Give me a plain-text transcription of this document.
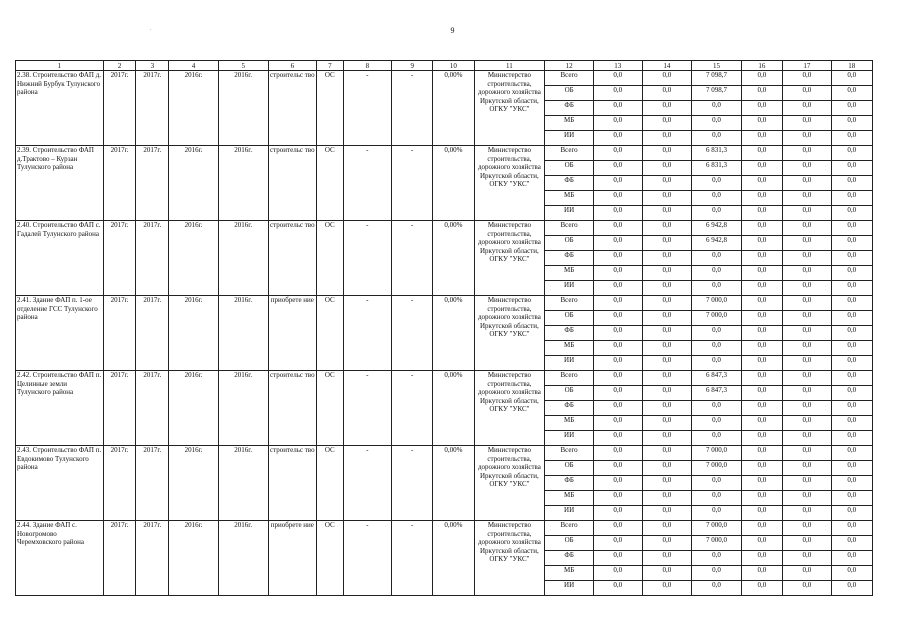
9
.
1	2	3	4	5	6	7	8	9	10	11	12	13	14	15	16	17	18
2.38. Строительство ФАП д. Нижний Бурбук Тулунского района	2017г.	2017г.	2016г.	2016г.	строительс тво	ОС	-	-	0,00%	Министерство строительства, дорожного хозяйства Иркутской области, ОГКУ "УКС"	Всего	0,0	0,0	7 098,7	0,0	0,0	0,0
											ОБ	0,0	0,0	7 098,7	0,0	0,0	0,0
											ФБ	0,0	0,0	0,0	0,0	0,0	0,0
											МБ	0,0	0,0	0,0	0,0	0,0	0,0
											ИИ	0,0	0,0	0,0	0,0	0,0	0,0
2.39. Строительство ФАП д.Трактово – Курзан Тулунского района	2017г.	2017г.	2016г.	2016г.	строительс тво	ОС	-	-	0,00%	Министерство строительства, дорожного хозяйства Иркутской области, ОГКУ "УКС"	Всего	0,0	0,0	6 831,3	0,0	0,0	0,0
											ОБ	0,0	0,0	6 831,3	0,0	0,0	0,0
											ФБ	0,0	0,0	0,0	0,0	0,0	0,0
											МБ	0,0	0,0	0,0	0,0	0,0	0,0
											ИИ	0,0	0,0	0,0	0,0	0,0	0,0
2.40. Строительство ФАП с. Гадалей Тулунского района	2017г.	2017г.	2016г.	2016г.	строительс тво	ОС	-	-	0,00%	Министерство строительства, дорожного хозяйства Иркутской области, ОГКУ "УКС"	Всего	0,0	0,0	6 942,8	0,0	0,0	0,0
											ОБ	0,0	0,0	6 942,8	0,0	0,0	0,0
											ФБ	0,0	0,0	0,0	0,0	0,0	0,0
											МБ	0,0	0,0	0,0	0,0	0,0	0,0
											ИИ	0,0	0,0	0,0	0,0	0,0	0,0
2.41. Здание ФАП п. 1-ое отделение ГСС Тулунского района	2017г.	2017г.	2016г.	2016г.	приобрете ние	ОС	-	-	0,00%	Министерство строительства, дорожного хозяйства Иркутской области, ОГКУ "УКС"	Всего	0,0	0,0	7 000,0	0,0	0,0	0,0
											ОБ	0,0	0,0	7 000,0	0,0	0,0	0,0
											ФБ	0,0	0,0	0,0	0,0	0,0	0,0
											МБ	0,0	0,0	0,0	0,0	0,0	0,0
											ИИ	0,0	0,0	0,0	0,0	0,0	0,0
2.42. Строительство ФАП п. Целинные земли Тулунского района	2017г.	2017г.	2016г.	2016г.	строительс тво	ОС	-	-	0,00%	Министерство строительства, дорожного хозяйства Иркутской области, ОГКУ "УКС"	Всего	0,0	0,0	6 847,3	0,0	0,0	0,0
											ОБ	0,0	0,0	6 847,3	0,0	0,0	0,0
											ФБ	0,0	0,0	0,0	0,0	0,0	0,0
											МБ	0,0	0,0	0,0	0,0	0,0	0,0
											ИИ	0,0	0,0	0,0	0,0	0,0	0,0
2.43. Строительство ФАП п. Евдокимово Тулунского района	2017г.	2017г.	2016г.	2016г.	строительс тво	ОС	-	-	0,00%	Министерство строительства, дорожного хозяйства Иркутской области, ОГКУ "УКС"	Всего	0,0	0,0	7 000,0	0,0	0,0	0,0
											ОБ	0,0	0,0	7 000,0	0,0	0,0	0,0
											ФБ	0,0	0,0	0,0	0,0	0,0	0,0
											МБ	0,0	0,0	0,0	0,0	0,0	0,0
											ИИ	0,0	0,0	0,0	0,0	0,0	0,0
2.44. Здание ФАП с. Новогромово Черемховского района	2017г.	2017г.	2016г.	2016г.	приобрете ние	ОС	-	-	0,00%	Министерство строительства, дорожного хозяйства Иркутской области, ОГКУ "УКС"	Всего	0,0	0,0	7 000,0	0,0	0,0	0,0
											ОБ	0,0	0,0	7 000,0	0,0	0,0	0,0
											ФБ	0,0	0,0	0,0	0,0	0,0	0,0
											МБ	0,0	0,0	0,0	0,0	0,0	0,0
											ИИ	0,0	0,0	0,0	0,0	0,0	0,0
